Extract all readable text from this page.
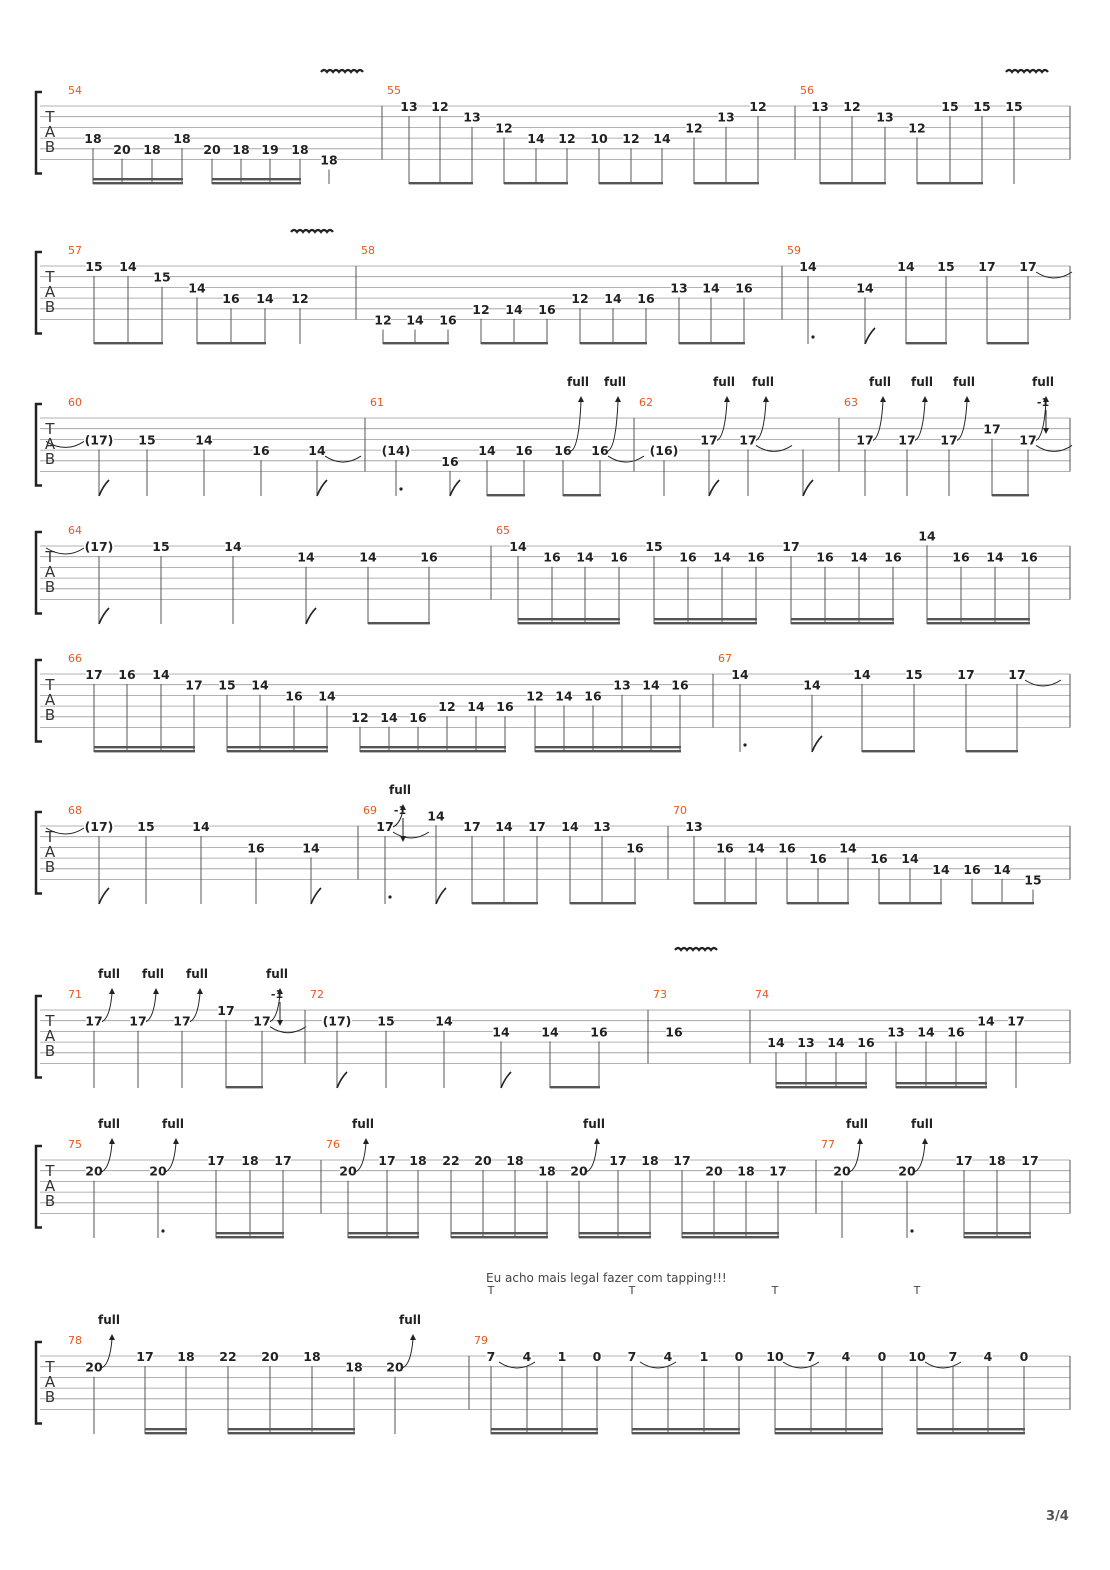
T
A
B
54
18
20 18
18
20 18 19 18
18
55
13 12
13
12
14 12 10 12 14
12
13
12
56
13 12
13
12
15 15 15
T
A
B
57
15 14
15
14
16 14 12
58
12 14 16
12 14 16
12 14 16
13 14 16
59
14
14
14 15 17 17
T
A
B
60
(17) 15	14
16	14
61
(14)
16
14 16 16
full
16
full
62
(16)
17
full
17
full
63
17
full
17
full
17
full
17
17
full
-1
T
A
B
64
(17)	15	14
14	14	16
65
14
16 14 16
15
16 14 16
17
16 14 16
14
16 14 16
T
A
B
66
17 16 14
17 15 14
16 14
12 14 16
12 14 16
12 14 16
13 14 16
67
14
14
14	15	17	17
T
A
B
68
(17) 15	14
16	14
69
17
full
-1 14
17 14 17 14 13
16
70
13
16 14 16
16
14
16 14
14 16 14
15
T
A
B
71
17
full
17
full
17
full
17
17
full
-1 72
(17) 15	14
14	14	16
73
16
74
14 13 14 16
13 14 16
14 17
T
A
B
75
20
full
20
full
17 18 17
76
20
full
17 18 22 20 18
18 20
full
17 18 17
20 18 17
77
20
full
20
full
17 18 17
T
A
B
78
20
full
17 18 22 20 18
18 20
full
79
7
T
4 1 0 7
T
4 1 0 10
T
7 4 0 10
T
7 4 0
Eu acho mais legal fazer com tapping!!!
3/4
